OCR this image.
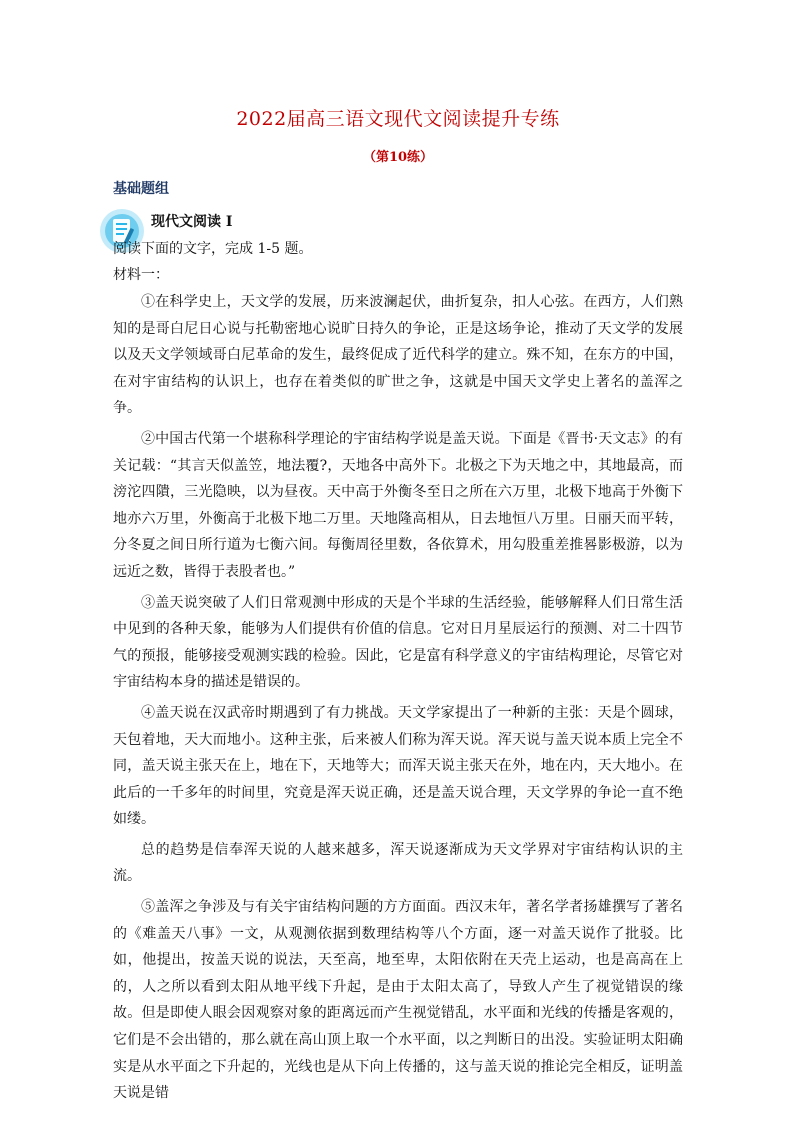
2022届高三语文现代文阅读提升专练
（第10练）
基础题组
现代文阅读 I
阅读下面的文字，完成 1-5 题。
材料一：

①在科学史上，天文学的发展，历来波澜起伏，曲折复杂，扣人心弦。在西方，人们熟知的是哥白尼日心说与托勒密地心说旷日持久的争论，正是这场争论，推动了天文学的发展以及天文学领域哥白尼革命的发生，最终促成了近代科学的建立。殊不知，在东方的中国，在对宇宙结构的认识上，也存在着类似的旷世之争，这就是中国天文学史上著名的盖浑之争。

②中国古代第一个堪称科学理论的宇宙结构学说是盖天说。下面是《晋书·天文志》的有关记载：“其言天似盖笠，地法覆?，天地各中高外下。北极之下为天地之中，其地最高，而滂沱四隤，三光隐映，以为昼夜。天中高于外衡冬至日之所在六万里，北极下地高于外衡下地亦六万里，外衡高于北极下地二万里。天地隆高相从，日去地恒八万里。日丽天而平转，分冬夏之间日所行道为七衡六间。每衡周径里数，各依算术，用勾股重差推晷影极游，以为远近之数，皆得于表股者也。”

③盖天说突破了人们日常观测中形成的天是个半球的生活经验，能够解释人们日常生活中见到的各种天象，能够为人们提供有价值的信息。它对日月星辰运行的预测、对二十四节气的预报，能够接受观测实践的检验。因此，它是富有科学意义的宇宙结构理论，尽管它对宇宙结构本身的描述是错误的。

④盖天说在汉武帝时期遇到了有力挑战。天文学家提出了一种新的主张：天是个圆球，天包着地，天大而地小。这种主张，后来被人们称为浑天说。浑天说与盖天说本质上完全不同，盖天说主张天在上，地在下，天地等大；而浑天说主张天在外，地在内，天大地小。在此后的一千多年的时间里，究竟是浑天说正确，还是盖天说合理，天文学界的争论一直不绝如缕。

总的趋势是信奉浑天说的人越来越多，浑天说逐渐成为天文学界对宇宙结构认识的主流。

⑤盖浑之争涉及与有关宇宙结构问题的方方面面。西汉末年，著名学者扬雄撰写了著名的《难盖天八事》一文，从观测依据到数理结构等八个方面，逐一对盖天说作了批驳。比如，他提出，按盖天说的说法，天至高，地至卑，太阳依附在天壳上运动，也是高高在上的，人之所以看到太阳从地平线下升起，是由于太阳太高了，导致人产生了视觉错误的缘故。但是即使人眼会因观察对象的距离远而产生视觉错乱，水平面和光线的传播是客观的，它们是不会出错的，那么就在高山顶上取一个水平面，以之判断日的出没。实验证明太阳确实是从水平面之下升起的，光线也是从下向上传播的，这与盖天说的推论完全相反，证明盖天说是错
